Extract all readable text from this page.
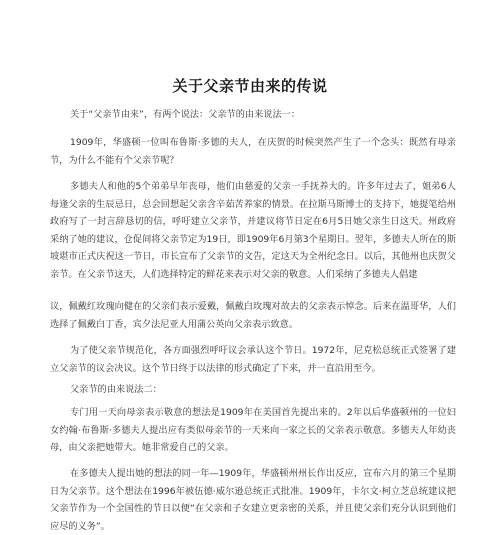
关于父亲节由来的传说

关于“父亲节由来”，有两个说法：父亲节的由来说法一：

1909年，华盛顿一位叫布鲁斯·多德的夫人，在庆贺的时候突然产生了一个念头：既然有母亲节，为什么不能有个父亲节呢？

多德夫人和他的5个弟弟早年丧母，他们由慈爱的父亲一手抚养大的。许多年过去了，姐弟6人每逢父亲的生辰忌日，总会回想起父亲含辛茹苦养家的情景。在拉斯马斯博士的支持下，她提笔给州政府写了一封言辞恳切的信，呼吁建立父亲节，并建议将节日定在6月5日她父亲生日这天。州政府采纳了她的建议，仓促间将父亲节定为19日，即1909年6月第3个星期日。翌年，多德夫人所在的斯坡堪市正式庆祝这一节日，市长宣布了父亲节的文告，定这天为全州纪念日。以后，其他州也庆贺父亲节。在父亲节这天，人们选择特定的鲜花来表示对父亲的敬意。人们采纳了多德夫人倡建

议，佩戴红玫瑰向健在的父亲们表示爱戴，佩戴白玫瑰对故去的父亲表示悼念。后来在温哥华，人们选择了佩戴白丁香，宾夕法尼亚人用蒲公英向父亲表示致意。

为了使父亲节规范化，各方面强烈呼吁议会承认这个节日。1972年，尼克松总统正式签署了建立父亲节的议会决议。这个节日终于以法律的形式确定了下来，并一直沿用至今。

父亲节的由来说法二：

专门用一天向母亲表示敬意的想法是1909年在美国首先提出来的。2年以后华盛顿州的一位妇女约翰·布鲁斯·多德夫人提出应有类似母亲节的一天来向一家之长的父亲表示敬意。多德夫人年幼丧母，由父亲把她带大。她非常爱自己的父亲。

在多德夫人提出她的想法的同一年—1909年，华盛顿州州长作出反应，宣布六月的第三个星期日为父亲节。这个想法在1996年被伍德·威尔逊总统正式批准。1909年，卡尔文·柯立芝总统建议把父亲节作为一个全国性的节日以便“在父亲和子女建立更亲密的关系，并且使父亲们充分认识到他们应尽的义务”。
